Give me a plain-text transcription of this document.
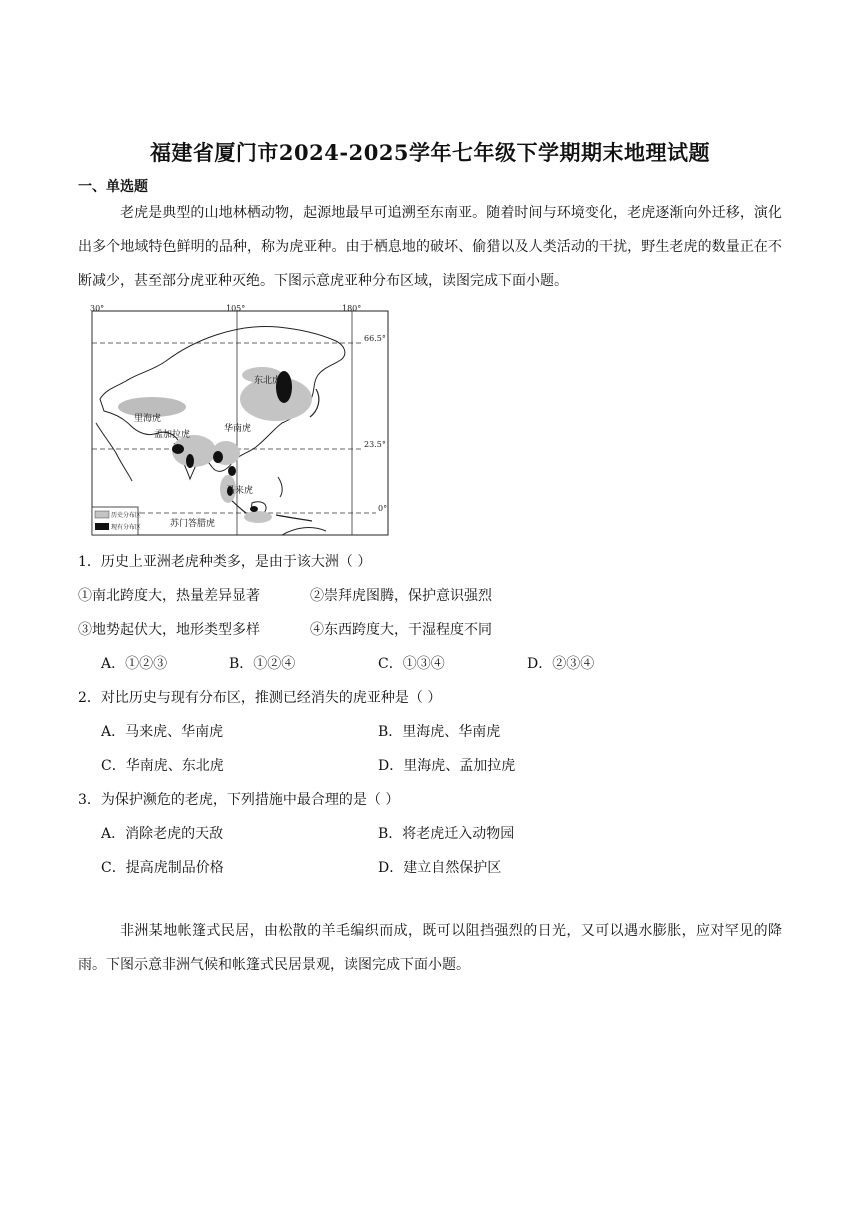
福建省厦门市2024-2025学年七年级下学期期末地理试题
一、单选题
老虎是典型的山地林栖动物，起源地最早可追溯至东南亚。随着时间与环境变化，老虎逐渐向外迁移，演化出多个地域特色鲜明的品种，称为虎亚种。由于栖息地的破坏、偷猎以及人类活动的干扰，野生老虎的数量正在不断减少，甚至部分虎亚种灭绝。下图示意虎亚种分布区域，读图完成下面小题。
30°	105°	180°
66.5°
23.5°
0°
东北虎
里海虎
孟加拉虎
华南虎
马来虎
苏门答腊虎
历史分布区
现有分布区
1．历史上亚洲老虎种类多，是由于该大洲（ ）
①南北跨度大，热量差异显著	②崇拜虎图腾，保护意识强烈
③地势起伏大，地形类型多样	④东西跨度大，干湿程度不同
A．①②③	B．①②④	C．①③④	D．②③④
2．对比历史与现有分布区，推测已经消失的虎亚种是（ ）
A．马来虎、华南虎	B．里海虎、华南虎
C．华南虎、东北虎	D．里海虎、孟加拉虎
3．为保护濒危的老虎，下列措施中最合理的是（ ）
A．消除老虎的天敌	B．将老虎迁入动物园
C．提高虎制品价格	D．建立自然保护区
非洲某地帐篷式民居，由松散的羊毛编织而成，既可以阻挡强烈的日光，又可以遇水膨胀，应对罕见的降雨。下图示意非洲气候和帐篷式民居景观，读图完成下面小题。
